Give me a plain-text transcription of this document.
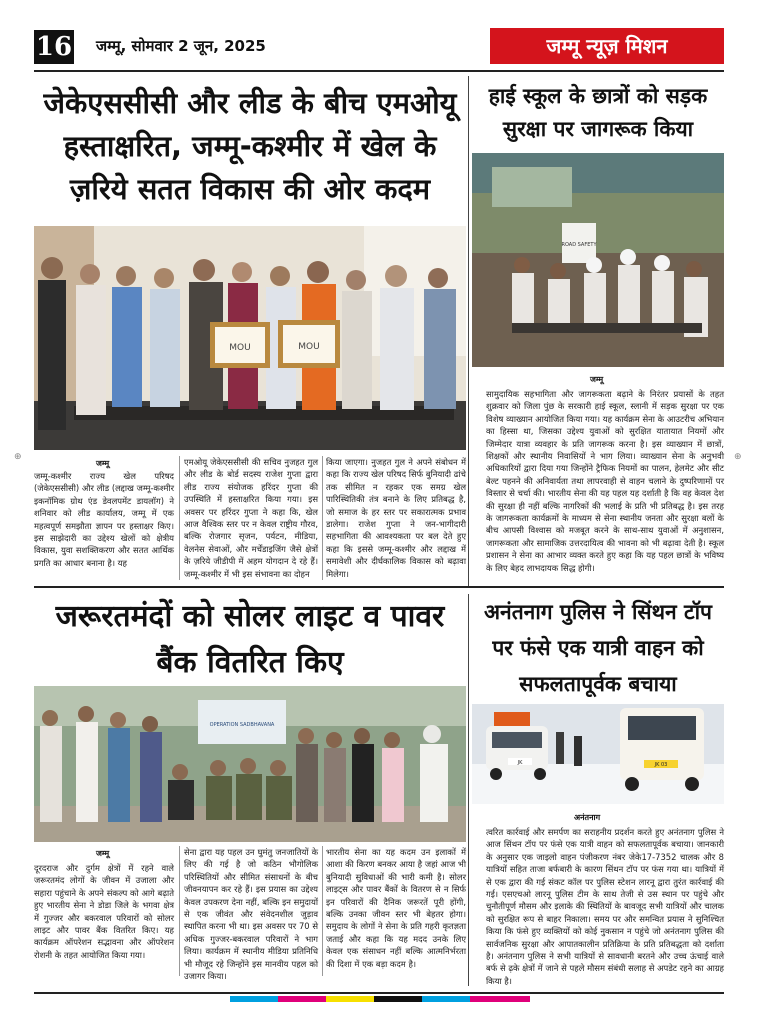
16 जम्मू, सोमवार 2 जून, 2025	जम्मू न्यूज़ मिशन
जेकेएससीसी और लीड के बीच एमओयू हस्ताक्षरित, जम्मू-कश्मीर में खेल के ज़रिये सतत विकास की ओर कदम
MOU	MOU
जम्मू
जम्मू-कश्मीर राज्य खेल परिषद (जेकेएससीसी) और लीड (लद्दाख जम्मू-कश्मीर इकनॉमिक ग्रोथ एंड डेवलपमेंट डायलॉग) ने शनिवार को लीड कार्यालय, जम्मू में एक महत्वपूर्ण समझौता ज्ञापन पर हस्ताक्षर किए। इस साझेदारी का उद्देश्य खेलों को क्षेत्रीय विकास, युवा सशक्तिकरण और सतत आर्थिक प्रगति का आधार बनाना है। यह
एमओयू जेकेएससीसी की सचिव नुजहत गुल और लीड के बोर्ड सदस्य राजेश गुप्ता द्वारा लीड राज्य संयोजक हरिंदर गुप्ता की उपस्थिति में हस्ताक्षरित किया गया। इस अवसर पर हरिंदर गुप्ता ने कहा कि, खेल आज वैश्विक स्तर पर न केवल राष्ट्रीय गौरव, बल्कि रोजगार सृजन, पर्यटन, मीडिया, वेलनेस सेवाओं, और मर्चेंडाइजिंग जैसे क्षेत्रों के ज़रिये जीडीपी में अहम योगदान दे रहे हैं। जम्मू-कश्मीर में भी इस संभावना का दोहन
किया जाएगा। नुजहत गुल ने अपने संबोधन में कहा कि राज्य खेल परिषद सिर्फ बुनियादी ढांचे तक सीमित न रहकर एक समग्र खेल पारिस्थितिकी तंत्र बनाने के लिए प्रतिबद्ध है, जो समाज के हर स्तर पर सकारात्मक प्रभाव डालेगा। राजेश गुप्ता ने जन-भागीदारी सहभागिता की आवश्यकता पर बल देते हुए कहा कि इससे जम्मू-कश्मीर और लद्दाख में समावेशी और दीर्घकालिक विकास को बढ़ावा मिलेगा।
हाई स्कूल के छात्रों को सड़क सुरक्षा पर जागरूक किया
ROAD SAFETY
जम्मू
सामुदायिक सहभागिता और जागरूकता बढ़ाने के निरंतर प्रयासों के तहत शुक्रवार को जिला पुंछ के सरकारी हाई स्कूल, स्लानी में सड़क सुरक्षा पर एक विशेष व्याख्यान आयोजित किया गया। यह कार्यक्रम सेना के आउटरीच अभियान का हिस्सा था, जिसका उद्देश्य युवाओं को सुरक्षित यातायात नियमों और जिम्मेदार यात्रा व्यवहार के प्रति जागरूक करना है। इस व्याख्यान में छात्रों, शिक्षकों और स्थानीय निवासियों ने भाग लिया। व्याख्यान सेना के अनुभवी अधिकारियों द्वारा दिया गया जिन्होंने ट्रैफिक नियमों का पालन, हेलमेट और सीट बेल्ट पहनने की अनिवार्यता तथा लापरवाही से वाहन चलाने के दुष्परिणामों पर विस्तार से चर्चा की। भारतीय सेना की यह पहल यह दर्शाती है कि वह केवल देश की सुरक्षा ही नहीं बल्कि नागरिकों की भलाई के प्रति भी प्रतिबद्ध है। इस तरह के जागरूकता कार्यक्रमों के माध्यम से सेना स्थानीय जनता और सुरक्षा बलों के बीच आपसी विश्वास को मजबूत करने के साथ-साथ युवाओं में अनुशासन, जागरूकता और सामाजिक उत्तरदायित्व की भावना को भी बढ़ावा देती है। स्कूल प्रशासन ने सेना का आभार व्यक्त करते हुए कहा कि यह पहल छात्रों के भविष्य के लिए बेहद लाभदायक सिद्ध होगी।
जरूरतमंदों को सोलर लाइट व पावर बैंक वितरित किए
OPERATION SADBHAVANA
जम्मू
दूरदराज और दुर्गम क्षेत्रों में रहने वाले जरूरतमंद लोगों के जीवन में उजाला और सहारा पहुंचाने के अपने संकल्प को आगे बढ़ाते हुए भारतीय सेना ने डोडा जिले के भगवा क्षेत्र में गुज्जर और बकरवाल परिवारों को सोलर लाइट और पावर बैंक वितरित किए। यह कार्यक्रम ऑपरेशन सद्भावना और ऑपरेशन रोशनी के तहत आयोजित किया गया।
सेना द्वारा यह पहल उन घुमंतु जनजातियों के लिए की गई है जो कठिन भौगोलिक परिस्थितियों और सीमित संसाधनों के बीच जीवनयापन कर रहे हैं। इस प्रयास का उद्देश्य केवल उपकरण देना नहीं, बल्कि इन समुदायों से एक जीवंत और संवेदनशील जुड़ाव स्थापित करना भी था। इस अवसर पर 70 से अधिक गुज्जर-बकरवाल परिवारों ने भाग लिया। कार्यक्रम में स्थानीय मीडिया प्रतिनिधि भी मौजूद रहे जिन्होंने इस मानवीय पहल को उजागर किया।
भारतीय सेना का यह कदम उन इलाकों में आशा की किरण बनकर आया है जहां आज भी बुनियादी सुविधाओं की भारी कमी है। सोलर लाइट्स और पावर बैंकों के वितरण से न सिर्फ इन परिवारों की दैनिक जरूरतें पूरी होंगी, बल्कि उनका जीवन स्तर भी बेहतर होगा। समुदाय के लोगों ने सेना के प्रति गहरी कृतज्ञता जताई और कहा कि यह मदद उनके लिए केवल एक संसाधन नहीं बल्कि आत्मनिर्भरता की दिशा में एक बड़ा कदम है।
अनंतनाग पुलिस ने सिंथन टॉप पर फंसे एक यात्री वाहन को सफलतापूर्वक बचाया
JK	JK 03
अनंतनाग
त्वरित कार्रवाई और समर्पण का सराहनीय प्रदर्शन करते हुए अनंतनाग पुलिस ने आज सिंथन टॉप पर फंसे एक यात्री वाहन को सफलतापूर्वक बचाया। जानकारी के अनुसार एक जाइलो वाहन पंजीकरण नंबर जेके17-7352 चालक और 8 यात्रियों सहित ताजा बर्फबारी के कारण सिंथन टॉप पर फंस गया था। यात्रियों में से एक द्वारा की गई संकट कॉल पर पुलिस स्टेशन लारनू द्वारा तुरंत कार्रवाई की गई। एसएचओ लारनू पुलिस टीम के साथ तेजी से उस स्थान पर पहुंचे और चुनौतीपूर्ण मौसम और इलाके की स्थितियों के बावजूद सभी यात्रियों और चालक को सुरक्षित रूप से बाहर निकाला। समय पर और समन्वित प्रयास ने सुनिश्चित किया कि फंसे हुए व्यक्तियों को कोई नुकसान न पहुंचे जो अनंतनाग पुलिस की सार्वजनिक सुरक्षा और आपातकालीन प्रतिक्रिया के प्रति प्रतिबद्धता को दर्शाता है। अनंतनाग पुलिस ने सभी यात्रियों से सावधानी बरतने और उच्च ऊंचाई वाले बर्फ से ढ़के क्षेत्रों में जाने से पहले मौसम संबंधी सलाह से अपडेट रहने का आग्रह किया है।
⊕	⊕
